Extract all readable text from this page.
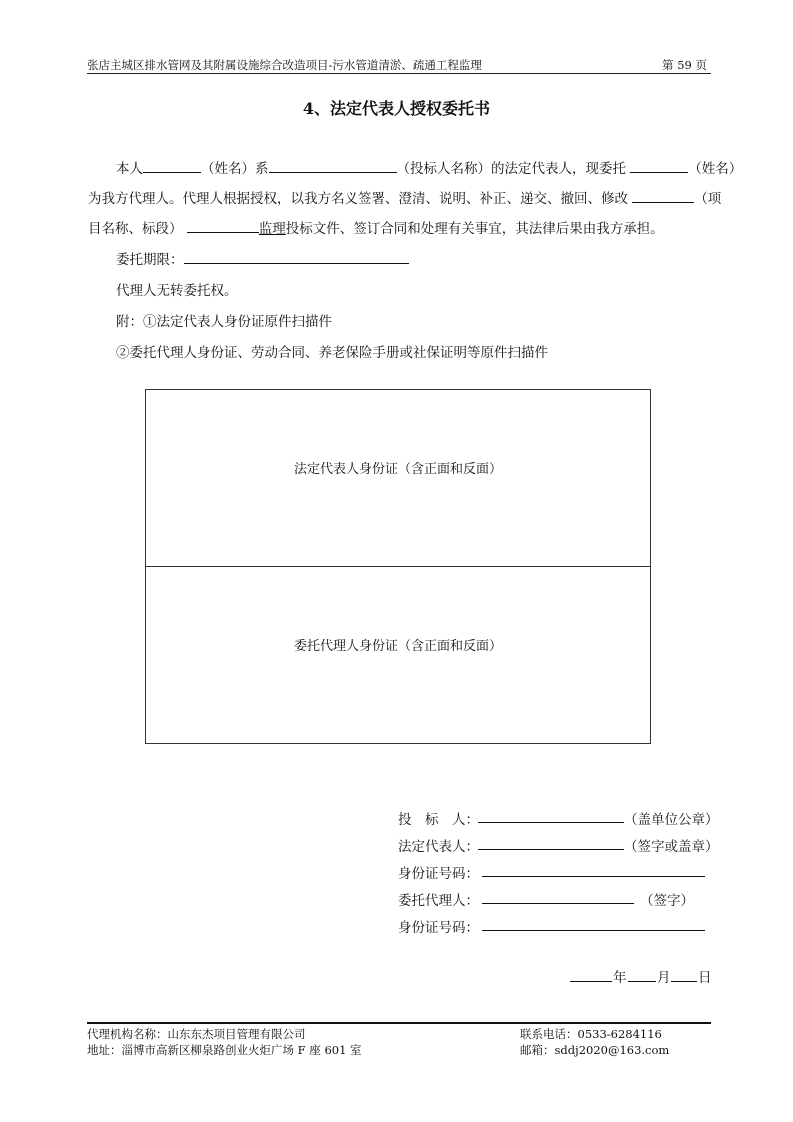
张店主城区排水管网及其附属设施综合改造项目-污水管道清淤、疏通工程监理	第 59 页
4、法定代表人授权委托书
本人	（姓名）系	（投标人名称）的法定代表人，现委托	（姓名）
为我方代理人。代理人根据授权，以我方名义签署、澄清、说明、补正、递交、撤回、修改	（项
目名称、标段）	监理投标文件、签订合同和处理有关事宜，其法律后果由我方承担。
委托期限：
代理人无转委托权。
附：①法定代表人身份证原件扫描件
②委托代理人身份证、劳动合同、养老保险手册或社保证明等原件扫描件
法定代表人身份证（含正面和反面）
委托代理人身份证（含正面和反面）
投　标　人：	（盖单位公章）
法定代表人：	（签字或盖章）
身份证号码：
委托代理人：	（签字）
身份证号码：
年 月 日
代理机构名称：山东东杰项目管理有限公司
地址：淄博市高新区柳泉路创业火炬广场 F 座 601 室
联系电话：0533-6284116
邮箱：sddj2020@163.com
